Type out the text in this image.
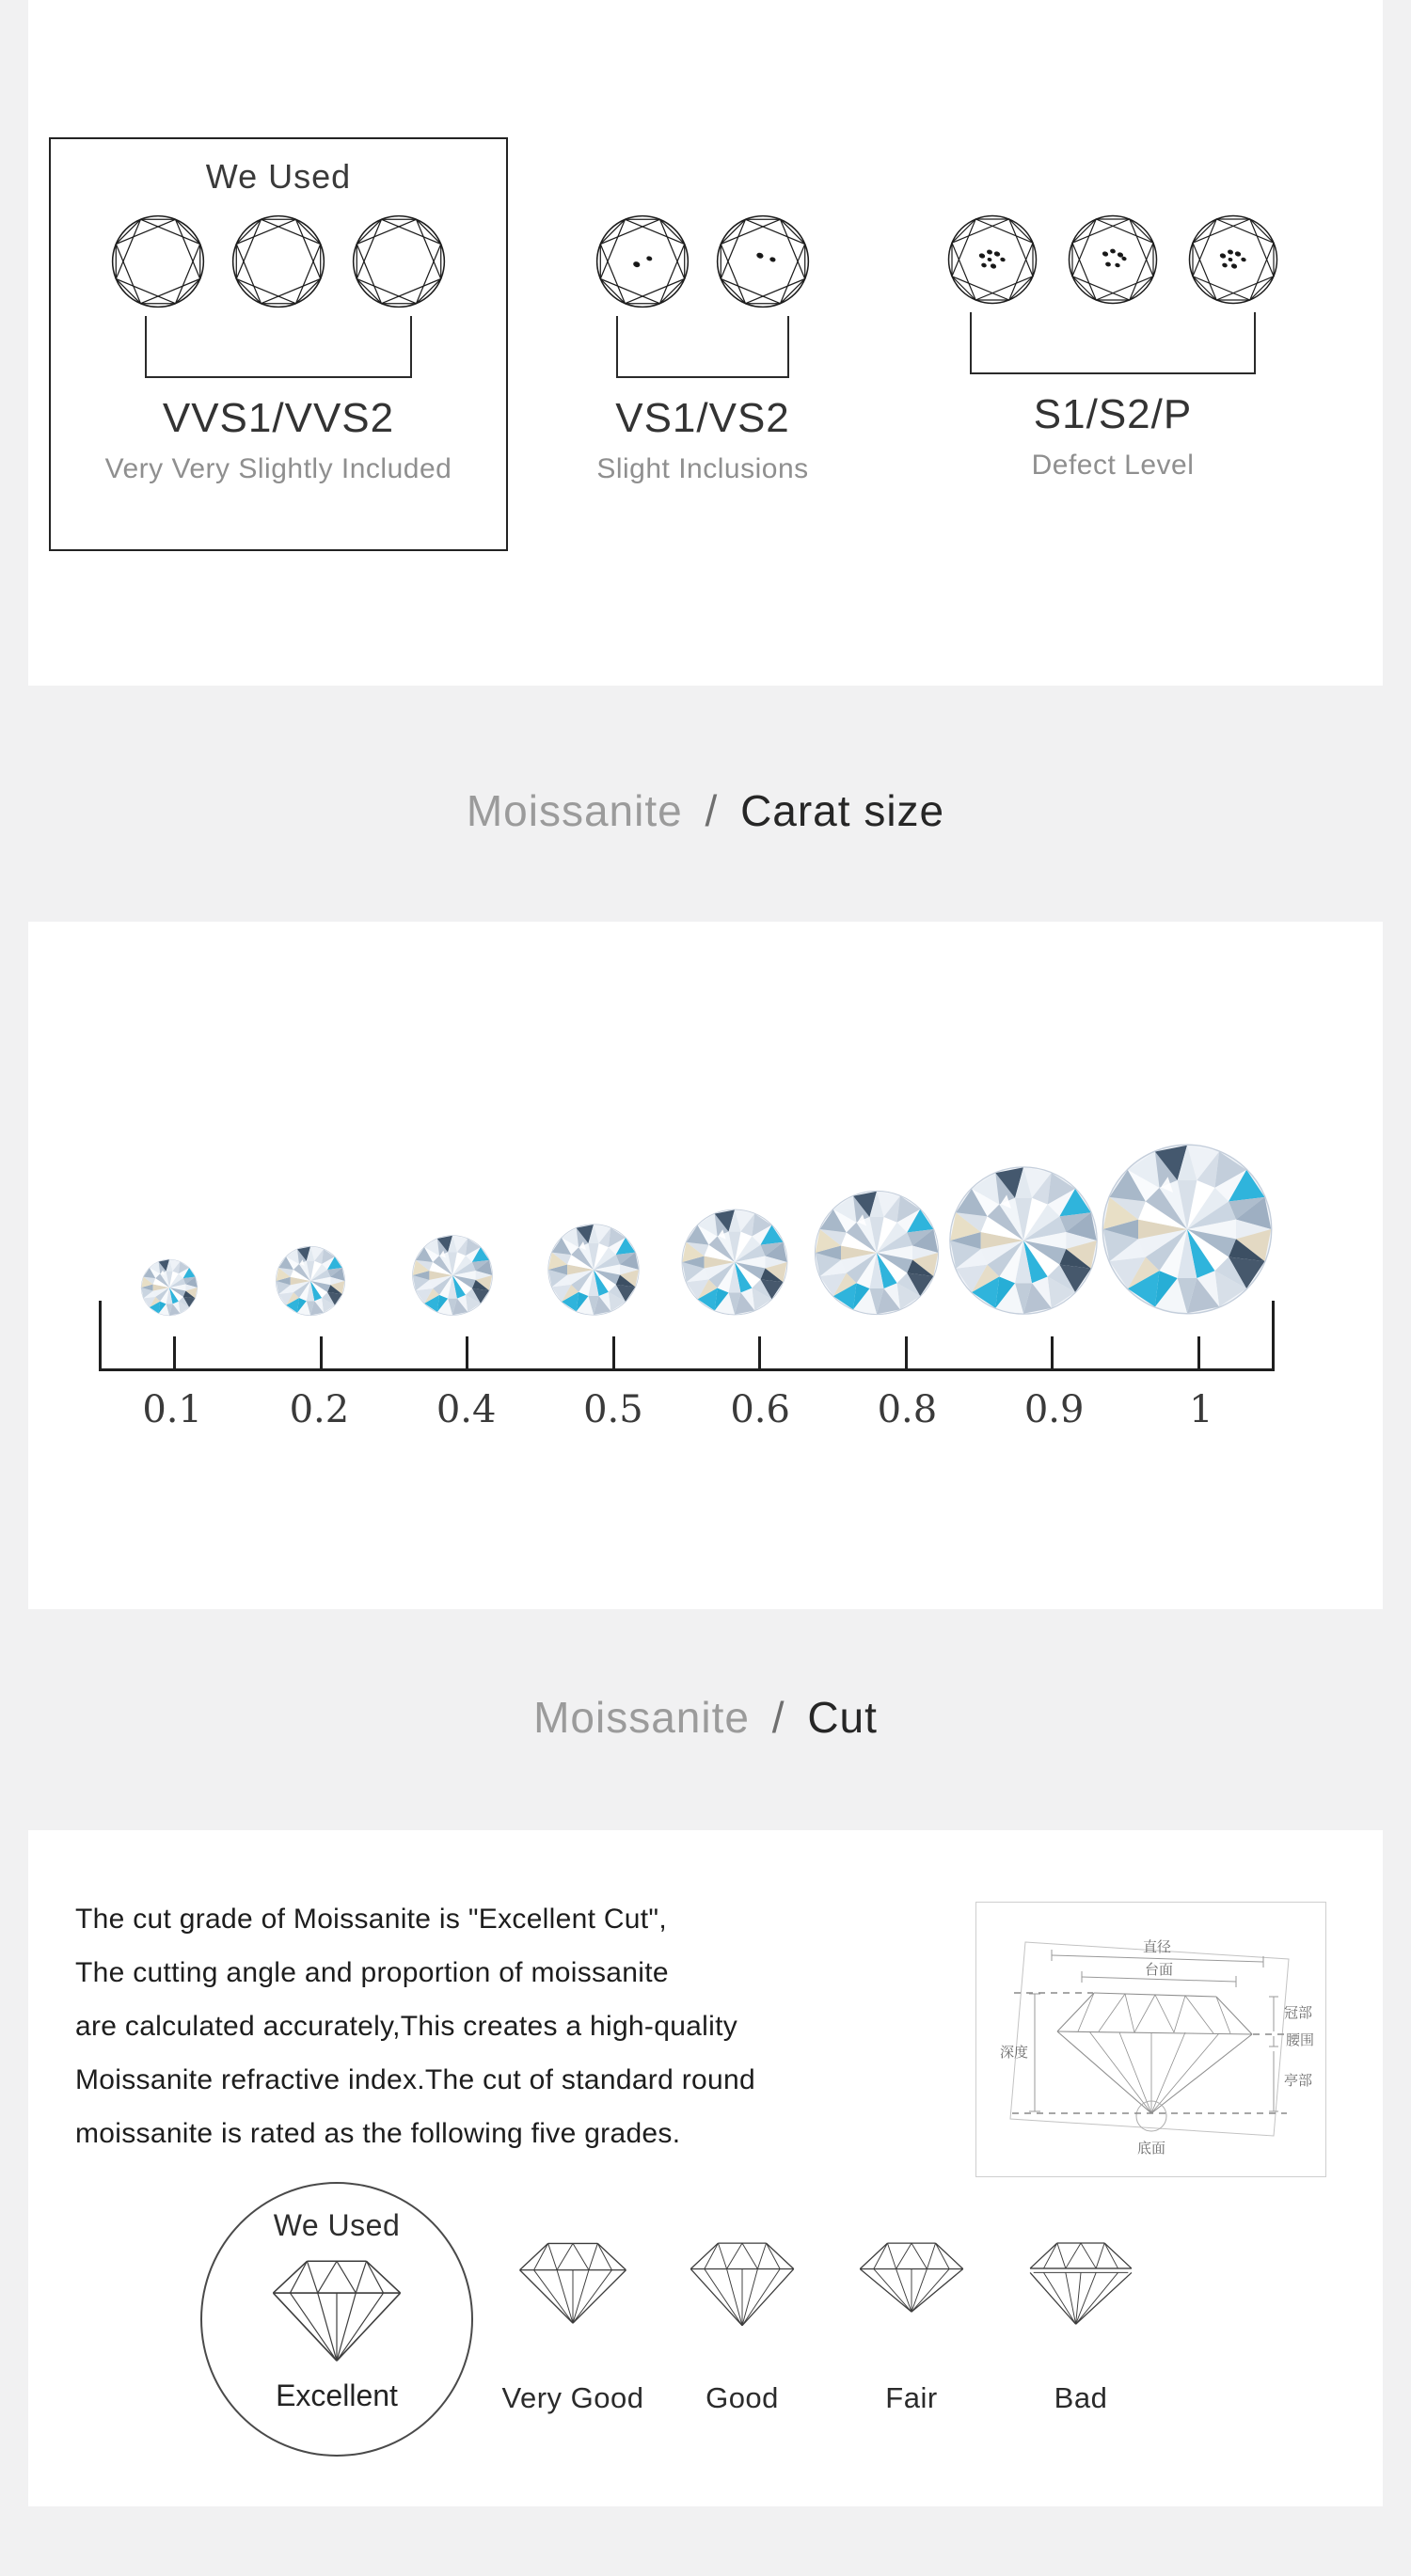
We Used
VVS1/VVS2
Very Very Slightly Included
VS1/VS2
Slight Inclusions
S1/S2/P
Defect Level
Moissanite / Carat size
0.1	0.2	0.4	0.5	0.6	0.8	0.9	1
Moissanite / Cut
The cut grade of Moissanite is "Excellent Cut",
The cutting angle and proportion of moissanite
are calculated accurately,This creates a high-quality
Moissanite refractive index.The cut of standard round
moissanite is rated as the following five grades.
直径
台面
深度
冠部
腰围
亭部
底面
We Used
Excellent	Very Good	Good	Fair	Bad
